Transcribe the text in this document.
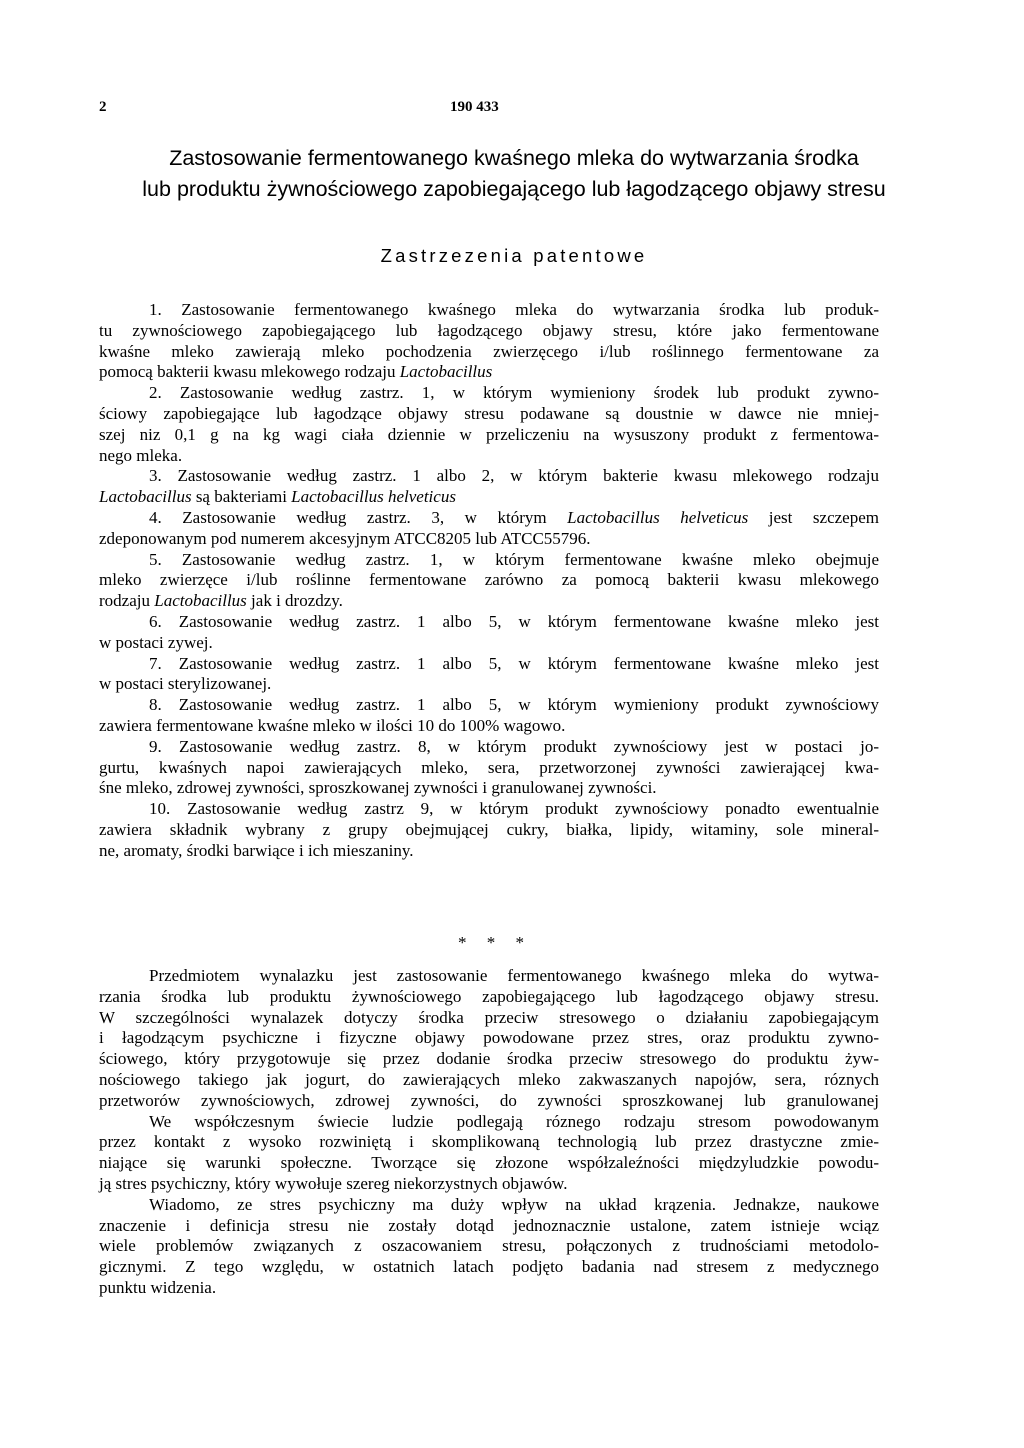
2	190 433
Zastosowanie fermentowanego kwaśnego mleka do wytwarzania środka
lub produktu żywnościowego zapobiegającego lub łagodzącego objawy stresu
Zastrzezenia patentowe
1. Zastosowanie fermentowanego kwaśnego mleka do wytwarzania środka lub produk-
tu zywnościowego zapobiegającego lub łagodzącego objawy stresu, które jako fermentowane
kwaśne mleko zawierają mleko pochodzenia zwierzęcego i/lub roślinnego fermentowane za
pomocą bakterii kwasu mlekowego rodzaju Lactobacillus
2. Zastosowanie według zastrz. 1, w którym wymieniony środek lub produkt zywno-
ściowy zapobiegające lub łagodzące objawy stresu podawane są doustnie w dawce nie mniej-
szej niz 0,1 g na kg wagi ciała dziennie w przeliczeniu na wysuszony produkt z fermentowa-
nego mleka.
3. Zastosowanie według zastrz. 1 albo 2, w którym bakterie kwasu mlekowego rodzaju
Lactobacillus są bakteriami Lactobacillus helveticus
4. Zastosowanie według zastrz. 3, w którym Lactobacillus helveticus jest szczepem
zdeponowanym pod numerem akcesyjnym ATCC8205 lub ATCC55796.
5. Zastosowanie według zastrz. 1, w którym fermentowane kwaśne mleko obejmuje
mleko zwierzęce i/lub roślinne fermentowane zarówno za pomocą bakterii kwasu mlekowego
rodzaju Lactobacillus jak i drozdzy.
6. Zastosowanie według zastrz. 1 albo 5, w którym fermentowane kwaśne mleko jest
w postaci zywej.
7. Zastosowanie według zastrz. 1 albo 5, w którym fermentowane kwaśne mleko jest
w postaci sterylizowanej.
8. Zastosowanie według zastrz. 1 albo 5, w którym wymieniony produkt zywnościowy
zawiera fermentowane kwaśne mleko w ilości 10 do 100% wagowo.
9. Zastosowanie według zastrz. 8, w którym produkt zywnościowy jest w postaci jo-
gurtu, kwaśnych napoi zawierających mleko, sera, przetworzonej zywności zawierającej kwa-
śne mleko, zdrowej zywności, sproszkowanej zywności i granulowanej zywności.
10. Zastosowanie według zastrz 9, w którym produkt zywnościowy ponadto ewentualnie
zawiera składnik wybrany z grupy obejmującej cukry, białka, lipidy, witaminy, sole mineral-
ne, aromaty, środki barwiące i ich mieszaniny.
* * *
Przedmiotem wynalazku jest zastosowanie fermentowanego kwaśnego mleka do wytwa-
rzania środka lub produktu żywnościowego zapobiegającego lub łagodzącego objawy stresu.
W szczególności wynalazek dotyczy środka przeciw stresowego o działaniu zapobiegającym
i łagodzącym psychiczne i fizyczne objawy powodowane przez stres, oraz produktu zywno-
ściowego, który przygotowuje się przez dodanie środka przeciw stresowego do produktu żyw-
nościowego takiego jak jogurt, do zawierających mleko zakwaszanych napojów, sera, róznych
przetworów zywnościowych, zdrowej zywności, do zywności sproszkowanej lub granulowanej
We współczesnym świecie ludzie podlegają róznego rodzaju stresom powodowanym
przez kontakt z wysoko rozwiniętą i skomplikowaną technologią lub przez drastyczne zmie-
niające się warunki społeczne. Tworzące się złozone współzaleźności międzyludzkie powodu-
ją stres psychiczny, który wywołuje szereg niekorzystnych objawów.
Wiadomo, ze stres psychiczny ma duży wpływ na układ krązenia. Jednakze, naukowe
znaczenie i definicja stresu nie zostały dotąd jednoznacznie ustalone, zatem istnieje wciąz
wiele problemów związanych z oszacowaniem stresu, połączonych z trudnościami metodolo-
gicznymi. Z tego względu, w ostatnich latach podjęto badania nad stresem z medycznego
punktu widzenia.
